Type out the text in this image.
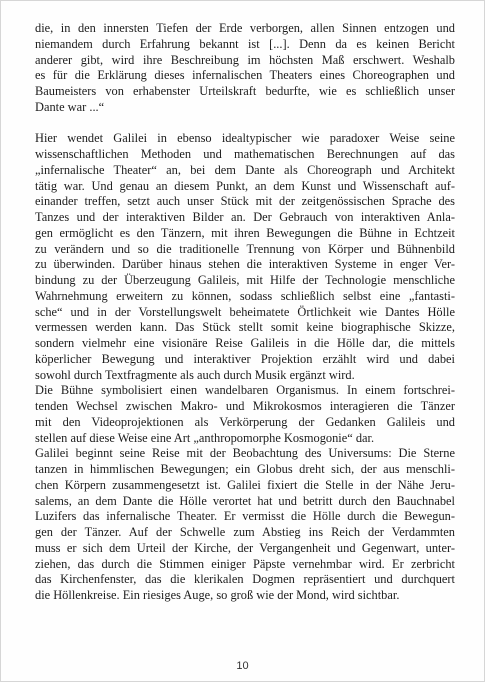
die, in den innersten Tiefen der Erde verborgen, allen Sinnen entzogen und
niemandem durch Erfahrung bekannt ist [...]. Denn da es keinen Bericht
anderer gibt, wird ihre Beschreibung im höchsten Maß erschwert. Weshalb
es für die Erklärung dieses infernalischen Theaters eines Choreographen und
Baumeisters von erhabenster Urteilskraft bedurfte, wie es schließlich unser
Dante war ...“
Hier wendet Galilei in ebenso idealtypischer wie paradoxer Weise seine
wissenschaftlichen Methoden und mathematischen Berechnungen auf das
„infernalische Theater“ an, bei dem Dante als Choreograph und Architekt
tätig war. Und genau an diesem Punkt, an dem Kunst und Wissenschaft auf-
einander treffen, setzt auch unser Stück mit der zeitgenössischen Sprache des
Tanzes und der interaktiven Bilder an. Der Gebrauch von interaktiven Anla-
gen ermöglicht es den Tänzern, mit ihren Bewegungen die Bühne in Echtzeit
zu verändern und so die traditionelle Trennung von Körper und Bühnenbild
zu überwinden. Darüber hinaus stehen die interaktiven Systeme in enger Ver-
bindung zu der Überzeugung Galileis, mit Hilfe der Technologie menschliche
Wahrnehmung erweitern zu können, sodass schließlich selbst eine „fantasti-
sche“ und in der Vorstellungswelt beheimatete Örtlichkeit wie Dantes Hölle
vermessen werden kann. Das Stück stellt somit keine biographische Skizze,
sondern vielmehr eine visionäre Reise Galileis in die Hölle dar, die mittels
köperlicher Bewegung und interaktiver Projektion erzählt wird und dabei
sowohl durch Textfragmente als auch durch Musik ergänzt wird.
Die Bühne symbolisiert einen wandelbaren Organismus. In einem fortschrei-
tenden Wechsel zwischen Makro- und Mikrokosmos interagieren die Tänzer
mit den Videoprojektionen als Verkörperung der Gedanken Galileis und
stellen auf diese Weise eine Art „anthropomorphe Kosmogonie“ dar.
Galilei beginnt seine Reise mit der Beobachtung des Universums: Die Sterne
tanzen in himmlischen Bewegungen; ein Globus dreht sich, der aus menschli-
chen Körpern zusammengesetzt ist. Galilei fixiert die Stelle in der Nähe Jeru-
salems, an dem Dante die Hölle verortet hat und betritt durch den Bauchnabel
Luzifers das infernalische Theater. Er vermisst die Hölle durch die Bewegun-
gen der Tänzer. Auf der Schwelle zum Abstieg ins Reich der Verdammten
muss er sich dem Urteil der Kirche, der Vergangenheit und Gegenwart, unter-
ziehen, das durch die Stimmen einiger Päpste vernehmbar wird. Er zerbricht
das Kirchenfenster, das die klerikalen Dogmen repräsentiert und durchquert
die Höllenkreise. Ein riesiges Auge, so groß wie der Mond, wird sichtbar.
10
